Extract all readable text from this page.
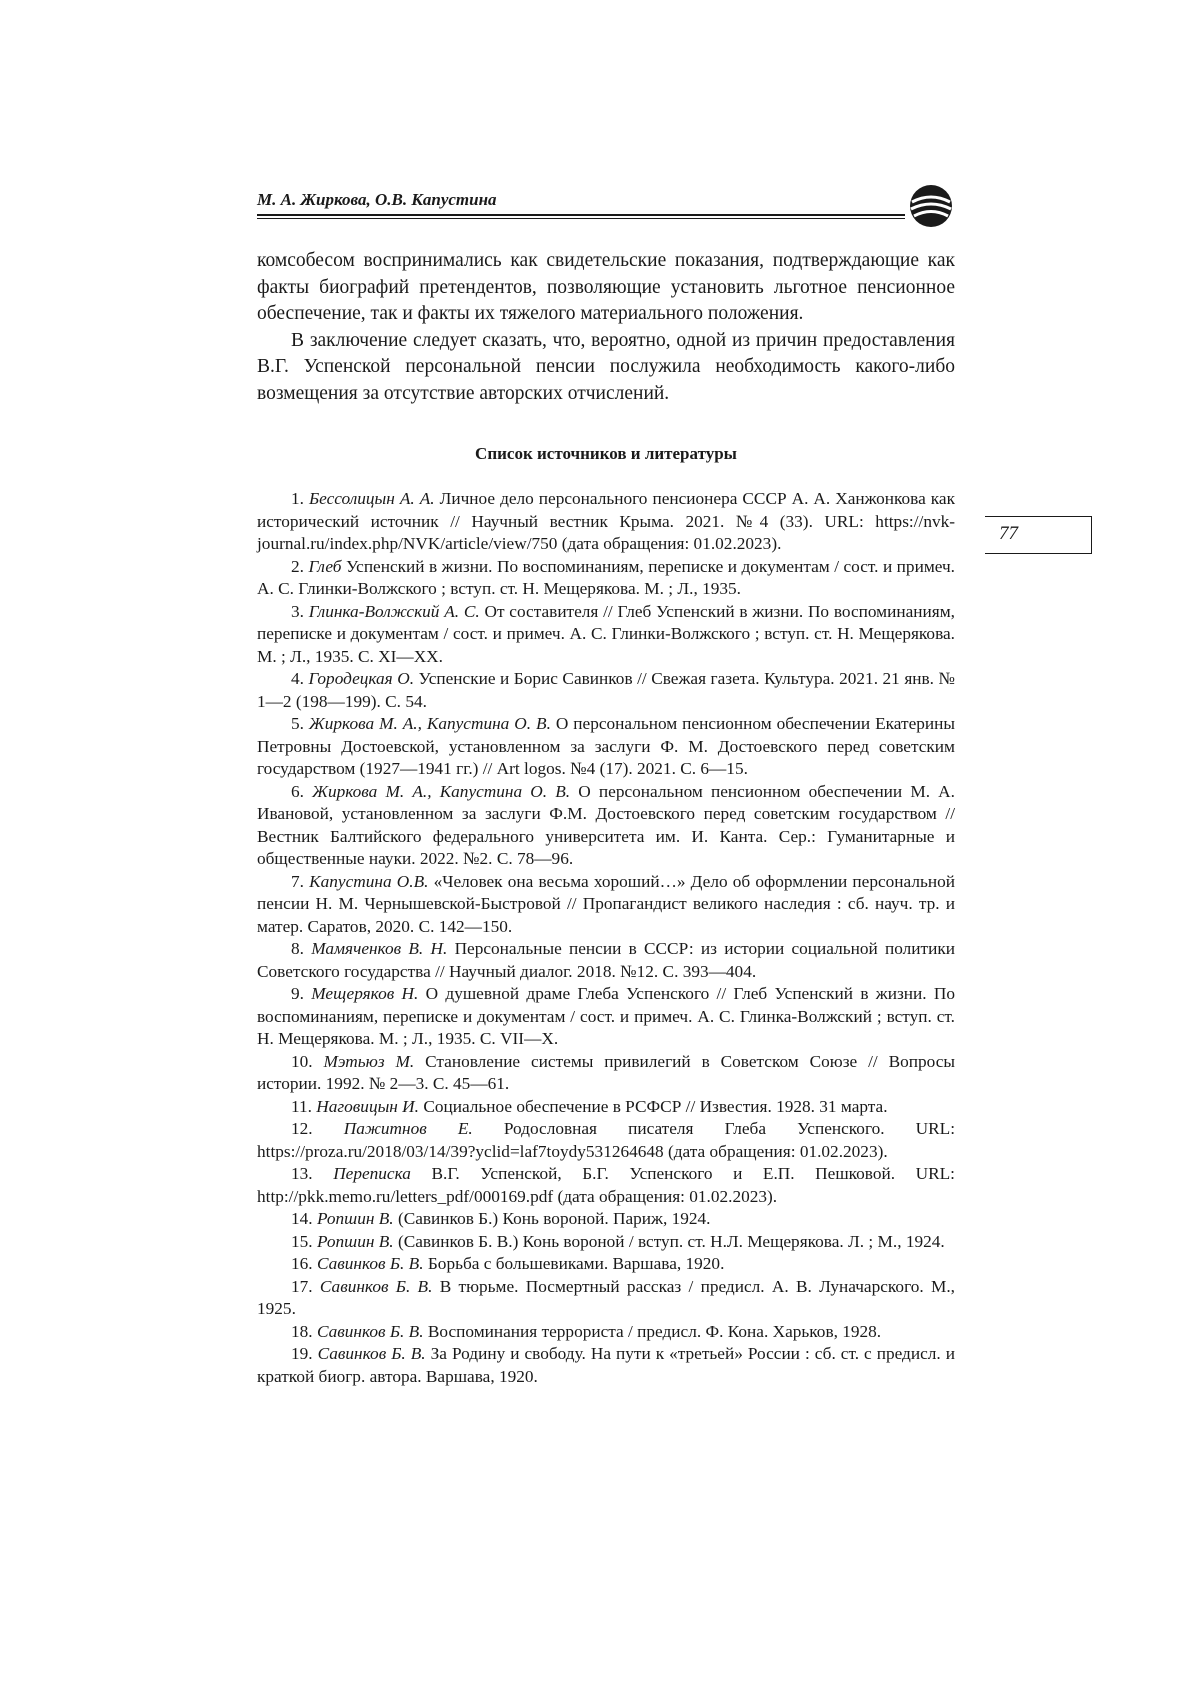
М. А. Жиркова, О.В. Капустина

комсобесом воспринимались как свидетельские показания, подтверждающие как факты биографий претендентов, позволяющие установить льготное пенсионное обеспечение, так и факты их тяжелого материального положения.

В заключение следует сказать, что, вероятно, одной из причин предоставления В.Г. Успенской персональной пенсии послужила необходимость какого-либо возмещения за отсутствие авторских отчислений.

Список источников и литературы

1. Бессолицын А. А. Личное дело персонального пенсионера СССР А. А. Ханжонкова как исторический источник // Научный вестник Крыма. 2021. №4 (33). URL: https://nvk-journal.ru/index.php/NVK/article/view/750 (дата обращения: 01.02.2023).

2. Глеб Успенский в жизни. По воспоминаниям, переписке и документам / сост. и примеч. А. С. Глинки-Волжского ; вступ. ст. Н. Мещерякова. М. ; Л., 1935.

3. Глинка-Волжский А. С. От составителя // Глеб Успенский в жизни. По воспоминаниям, переписке и документам / сост. и примеч. А. С. Глинки-Волжского ; вступ. ст. Н. Мещерякова. М. ; Л., 1935. С. XI—XX.

4. Городецкая О. Успенские и Борис Савинков // Свежая газета. Культура. 2021. 21 янв. № 1—2 (198—199). С. 54.

5. Жиркова М. А., Капустина О. В. О персональном пенсионном обеспечении Екатерины Петровны Достоевской, установленном за заслуги Ф. М. Достоевского перед советским государством (1927—1941 гг.) // Art logos. №4 (17). 2021. С. 6—15.

6. Жиркова М. А., Капустина О. В. О персональном пенсионном обеспечении М. А. Ивановой, установленном за заслуги Ф.М. Достоевского перед советским государством // Вестник Балтийского федерального университета им. И. Канта. Сер.: Гуманитарные и общественные науки. 2022. №2. С. 78—96.

7. Капустина О.В. «Человек она весьма хороший…» Дело об оформлении персональной пенсии Н. М. Чернышевской-Быстровой // Пропагандист великого наследия : сб. науч. тр. и матер. Саратов, 2020. С. 142—150.

8. Мамяченков В. Н. Персональные пенсии в СССР: из истории социальной политики Советского государства // Научный диалог. 2018. №12. С. 393—404.

9. Мещеряков Н. О душевной драме Глеба Успенского // Глеб Успенский в жизни. По воспоминаниям, переписке и документам / сост. и примеч. А. С. Глинка-Волжский ; вступ. ст. Н. Мещерякова. М. ; Л., 1935. С. VII—X.

10. Мэтьюз М. Становление системы привилегий в Советском Союзе // Вопросы истории. 1992. № 2—3. С. 45—61.

11. Наговицын И. Социальное обеспечение в РСФСР // Известия. 1928. 31 марта.

12. Пажитнов Е. Родословная писателя Глеба Успенского. URL: https://proza.ru/2018/03/14/39?yclid=laf7toydy531264648 (дата обращения: 01.02.2023).

13. Переписка В.Г. Успенской, Б.Г. Успенского и Е.П. Пешковой. URL: http://pkk.memo.ru/letters_pdf/000169.pdf (дата обращения: 01.02.2023).

14. Ропшин В. (Савинков Б.) Конь вороной. Париж, 1924.

15. Ропшин В. (Савинков Б. В.) Конь вороной / вступ. ст. Н.Л. Мещерякова. Л. ; М., 1924.

16. Савинков Б. В. Борьба с большевиками. Варшава, 1920.

17. Савинков Б. В. В тюрьме. Посмертный рассказ / предисл. А. В. Луначарского. М., 1925.

18. Савинков Б. В. Воспоминания террориста / предисл. Ф. Кона. Харьков, 1928.

19. Савинков Б. В. За Родину и свободу. На пути к «третьей» России : сб. ст. с предисл. и краткой биогр. автора. Варшава, 1920.

77
